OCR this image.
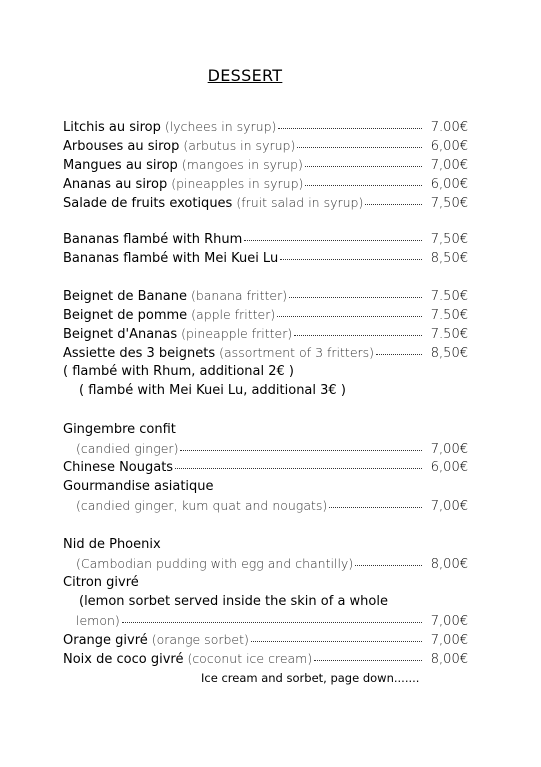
DESSERT
Litchis au sirop (lychees in syrup)	7.00€
Arbouses au sirop (arbutus in syrup)	6,00€
Mangues au sirop (mangoes in syrup)	7,00€
Ananas au sirop (pineapples in syrup)	6,00€
Salade de fruits exotiques (fruit salad in syrup)	7,50€
Bananas flambé with Rhum	7,50€
Bananas flambé with Mei Kuei Lu	8,50€
Beignet de Banane (banana fritter)	7.50€
Beignet de pomme (apple fritter)	7.50€
Beignet d'Ananas (pineapple fritter)	7.50€
Assiette des 3 beignets (assortment of 3 fritters)	8,50€
( flambé with Rhum, additional 2€ )
( flambé with Mei Kuei Lu, additional 3€ )
Gingembre confit
(candied ginger)	7,00€
Chinese Nougats	6,00€
Gourmandise asiatique
(candied ginger, kum quat and nougats)	7,00€
Nid de Phoenix
(Cambodian pudding with egg and chantilly)	8,00€
Citron givré
(lemon sorbet served inside the skin of a whole
lemon)	7,00€
Orange givré (orange sorbet)	7,00€
Noix de coco givré (coconut ice cream)	8,00€
Ice cream and sorbet, page down.......
